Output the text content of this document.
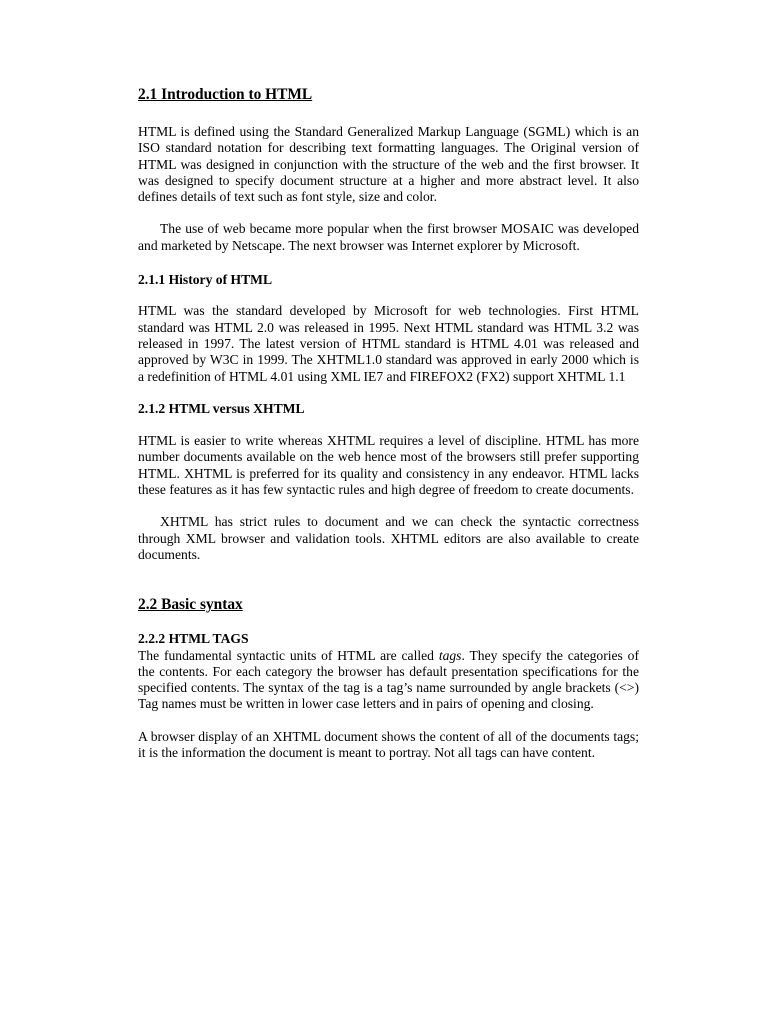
2.1 Introduction to HTML

HTML is defined using the Standard Generalized Markup Language (SGML) which is an ISO standard notation for describing text formatting languages. The Original version of HTML was designed in conjunction with the structure of the web and the first browser. It was designed to specify document structure at a higher and more abstract level. It also defines details of text such as font style, size and color.

The use of web became more popular when the first browser MOSAIC was developed and marketed by Netscape. The next browser was Internet explorer by Microsoft.

2.1.1 History of HTML

HTML was the standard developed by Microsoft for web technologies. First HTML standard was HTML 2.0 was released in 1995. Next HTML standard was HTML 3.2 was released in 1997. The latest version of HTML standard is HTML 4.01 was released and approved by W3C in 1999. The XHTML1.0 standard was approved in early 2000 which is a redefinition of HTML 4.01 using XML IE7 and FIREFOX2 (FX2) support XHTML 1.1

2.1.2 HTML versus XHTML

HTML is easier to write whereas XHTML requires a level of discipline. HTML has more number documents available on the web hence most of the browsers still prefer supporting HTML. XHTML is preferred for its quality and consistency in any endeavor. HTML lacks these features as it has few syntactic rules and high degree of freedom to create documents.

XHTML has strict rules to document and we can check the syntactic correctness through XML browser and validation tools. XHTML editors are also available to create documents.

2.2 Basic syntax
2.2.2 HTML TAGS

The fundamental syntactic units of HTML are called tags. They specify the categories of the contents. For each category the browser has default presentation specifications for the specified contents. The syntax of the tag is a tag’s name surrounded by angle brackets (<>) Tag names must be written in lower case letters and in pairs of opening and closing.

A browser display of an XHTML document shows the content of all of the documents tags; it is the information the document is meant to portray. Not all tags can have content.
